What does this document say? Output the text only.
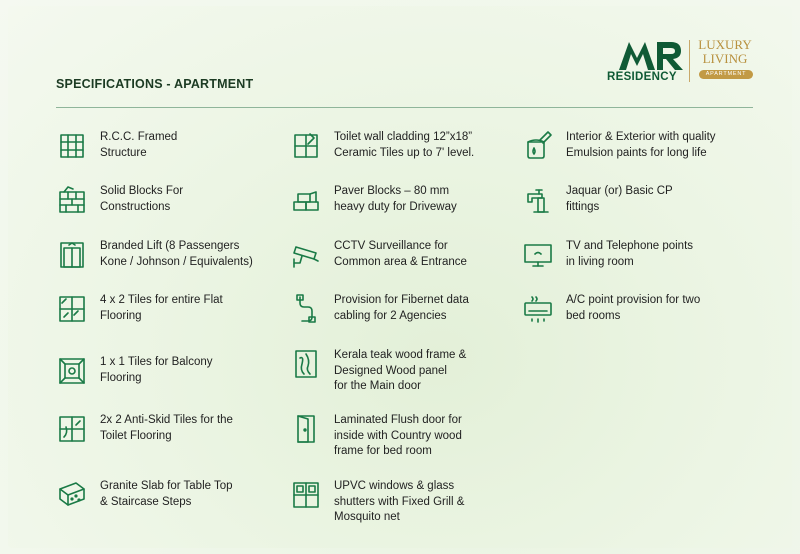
SPECIFICATIONS - APARTMENT	RESIDENCY
LUXURY
LIVING
APARTMENT
R.C.C. Framed
Structure
Solid Blocks For
Constructions
Branded Lift (8 Passengers
Kone / Johnson / Equivalents)
4 x 2 Tiles for entire Flat
Flooring
1 x 1 Tiles for Balcony
Flooring
2x 2 Anti-Skid Tiles for the
Toilet Flooring
Granite Slab for Table Top
& Staircase Steps
Toilet wall cladding 12”x18”
Ceramic Tiles up to 7' level.
Paver Blocks – 80 mm
heavy duty for Driveway
CCTV Surveillance for
Common area & Entrance
Provision for Fibernet data
cabling for 2 Agencies
Kerala teak wood frame &
Designed Wood panel
for the Main door
Laminated Flush door for
inside with Country wood
frame for bed room
UPVC windows & glass
shutters with Fixed Grill &
Mosquito net
Interior & Exterior with quality
Emulsion paints for long life
Jaquar (or) Basic CP
fittings
TV and Telephone points
in living room
A/C point provision for two
bed rooms
